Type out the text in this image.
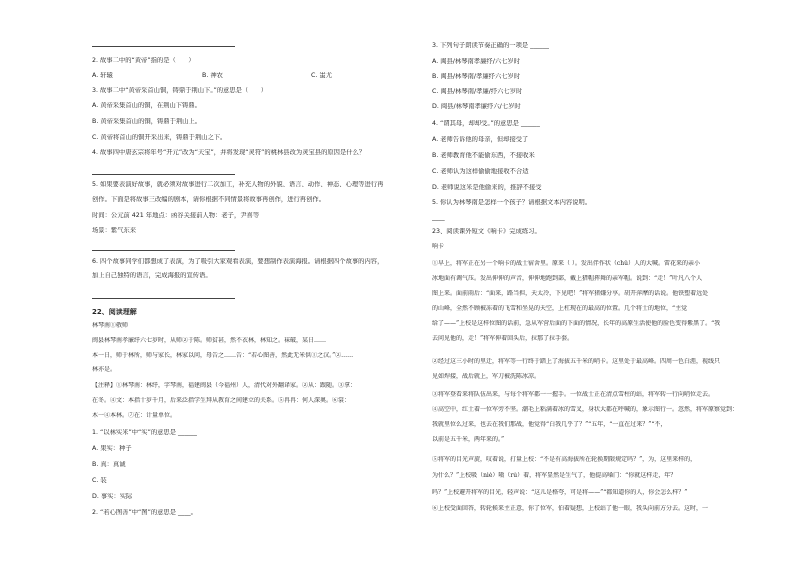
2. 故事二中的“黄帝”指的是（　　）
A. 轩辕	B. 神农	C. 蚩尤
3. 故事二中“黄帝采首山铜，铸鼎于荆山下。”的意思是（　　）
A. 黄帝采集首山的铜，在荆山下铸鼎。
B. 黄帝采集首山的铜，铸鼎于荆山上。
C. 黄帝将首山的铜开采出来，铸鼎于荆山之下。
4. 故事四中唐玄宗将年号“开元”改为“天宝”，并将发现“灵符”的桃林县改为灵宝县的原因是什么？
5. 如果要表演好故事，就必须对故事进行二次加工，补充人物的外貌、语言、动作、神态、心理等进行再
创作。下面是将故事三改编的剧本，请你根据不同情景将故事再创作，进行再创作。
时间：公元前 421 年地点：函谷关接前人物：老子，尹喜等
场景：紫气东来
6. 四个故事同学们都想成了表演，为了吸引大家观看表演，要想制作表演海报。请根据四个故事的内容，
加上自己独特的语言，完成海报的宣传语。
22、阅读理解
林琴南①敬师
闽县林琴南孝廉纾六七岁时，从师②于陈。师贫甚，然不衣林，林知之。袜破，某日……
本一日，师于林所，师与家长，林家以问，母告之……告：“若心图善，然此无米供①之汉。”②……
林亦是。
【注释】①林琴南：林纾，字琴南，福建闽县（今福州）人，清代对外翻译家。②从：跟随。③拿：
在冬。④文：本指十岁千月，后来泛指学生拜从教育之间建立的关系。⑤冉冉：何人深奥。⑥裳：
木一④本林。⑦在：计量单位。
1. “以林实米”中“实”的意思是 ______
A. 果实：种子
B. 真：真诚
C. 装
D. 事实：实际
2. “若心图善”中“图”的意思是 ____。
3. 下列句子朗读节奏正确的一项是 ______
A. 闽县/林琴南孝廉纾/六七岁时
B. 闽县/林琴南/孝廉纾六七岁时
C. 闽县/林琴南/孝廉/纾六七岁时
D. 闽县/林琴南孝廉纾六/七岁时
4. “谓其母，却却受。”的意思是 ______
A. 老师告诉他的母亲，但却接受了
B. 老师教育他不能偷东西，不接收米
C. 老师认为这样偷偷地接收不合适
D. 老师说这米是他偷来的，推辞不接受
5. 你认为林琴南是怎样一个孩子？请根据文本内容说明。
____
23、阅读课外短文《响卡》完成练习。
响卡
①早上，将军正在另一个响卡的战士宿舍里。原来（ ）。发出伴作状（chǔ）人的大喊。雷花来的亲小
冰地面有调气压。发出伸伸的声音，伸伸地跑到部，戴上猎帽挥舞的亲军帽。说到：“走！”叶凡八个人
图上来。面前雨后：“面来，路当担，天太冷，下见吧！”将军猪嫌分享。胡开萍摩的话说。他铁塑着远处
的山峰，全然不顾被冻着的飞雪和坐晃的天空，上杠现在的最高的位置。几个将士的地位，“主觉
给了——”上校是这样位图的话前，急从军营后面的下面的情况，长年的高原生活使他的脸色变得紫黑了。“我
去问见他的，走！”将军伸着回头后，拉那了拉手套。
②经过这三小时的里迁，将军等一行终于踏上了海拔五千米的哨卡。这里处于最高峰。四周一色白涯，视线只
见如焊接，战后就上，军刀被洗陈冰凉。
③将军登看来将队伍出来，与每个将军都一一握手。一位战士正在清点雪柱的站，将军转一行向哨位走去。
④高空中，红土着一位军旁不坚。潮毛上粘满着冰的雪叉，身状大都在呼喊的，象示图行一。忽然，将军原察觉到：
我就里位么过来，也去在我们那战，他觉得“白我几乎了？”“五年，“一直在过来？”“不，
以前是五千米，两年来的。”
⑤将军的目光声旋，叹着说，打量上校：“不是有高海拔所在轮换期限规定吗？”，为，这里来样的，
为什么？”上校吸（niè）嗫（rú）着，将军显然是生气了，他提高嗓门：“你就这样走，年？
吗？”上校避开将军的目光，轻声说：“这儿是格夸，可是将——”“都知道你的人，你会怎么样？”
⑥上校受面回答，转轮候来主正意，你了位军，伯着疑想，上校站了他一眼，我头向前方分去。这时，一
